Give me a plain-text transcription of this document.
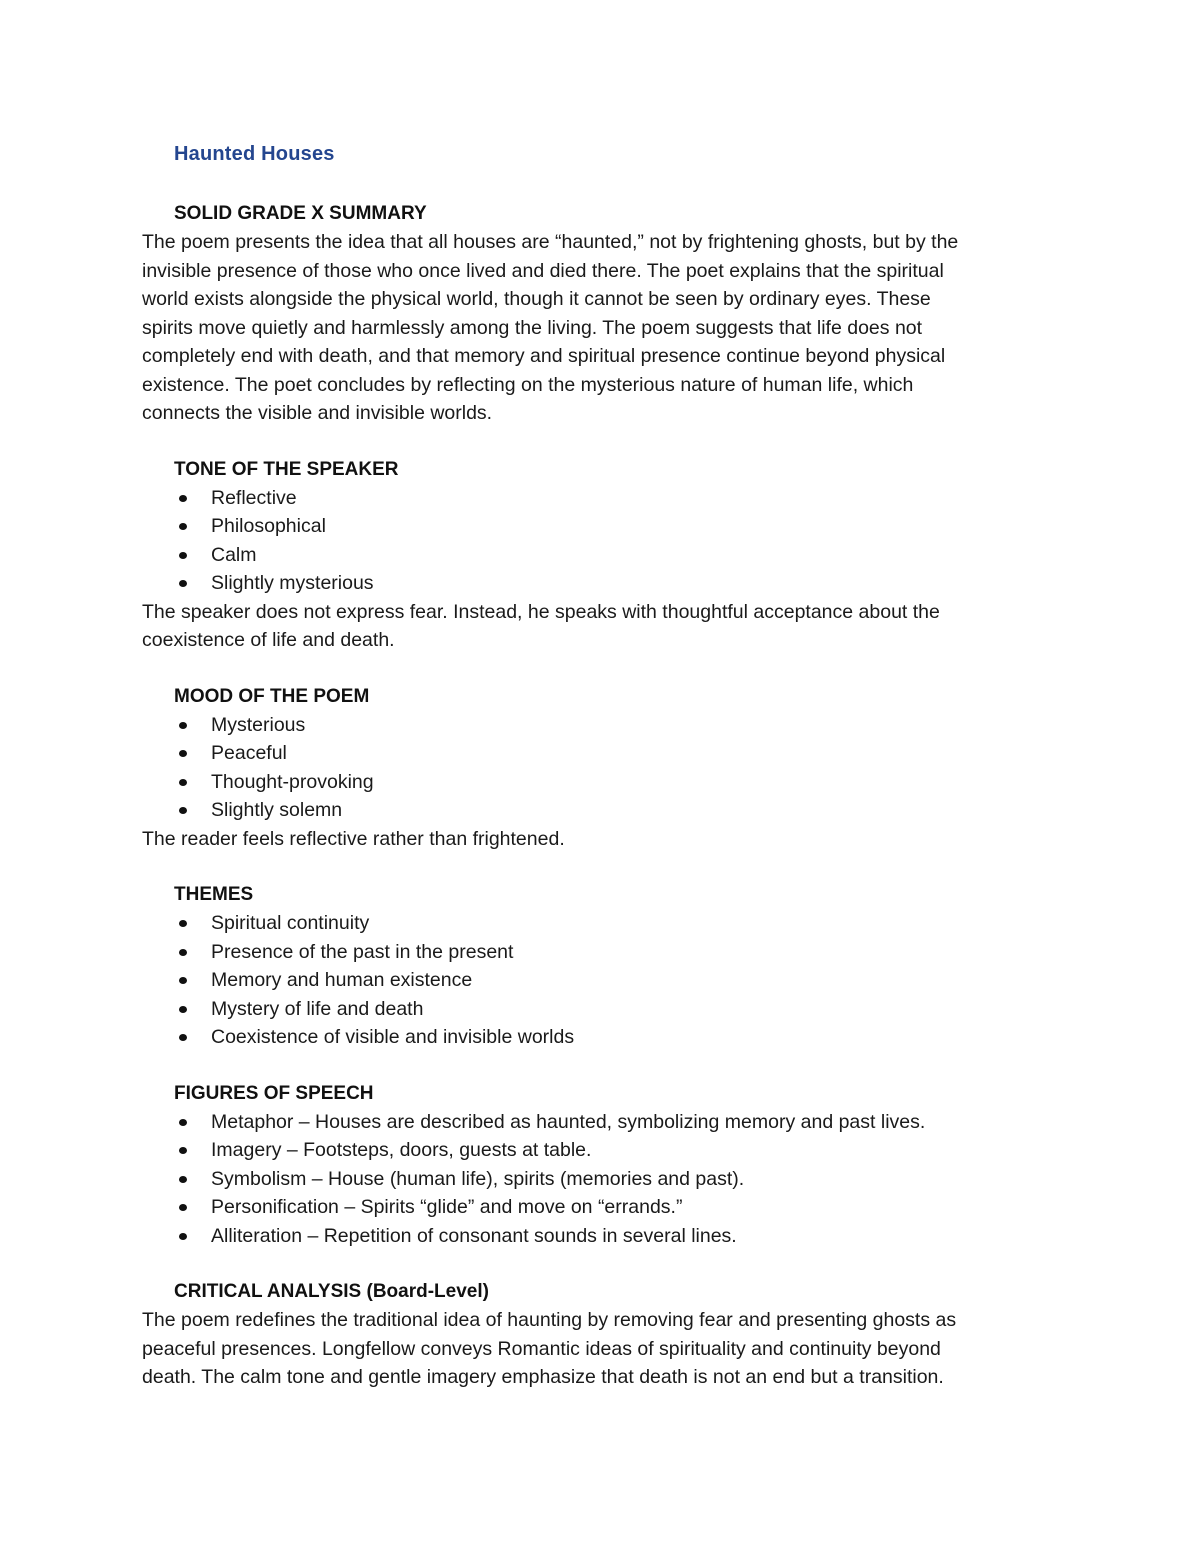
Haunted Houses
SOLID GRADE X SUMMARY
The poem presents the idea that all houses are “haunted,” not by frightening ghosts, but by the
invisible presence of those who once lived and died there. The poet explains that the spiritual
world exists alongside the physical world, though it cannot be seen by ordinary eyes. These
spirits move quietly and harmlessly among the living. The poem suggests that life does not
completely end with death, and that memory and spiritual presence continue beyond physical
existence. The poet concludes by reflecting on the mysterious nature of human life, which
connects the visible and invisible worlds.
TONE OF THE SPEAKER
Reflective
Philosophical
Calm
Slightly mysterious
The speaker does not express fear. Instead, he speaks with thoughtful acceptance about the
coexistence of life and death.
MOOD OF THE POEM
Mysterious
Peaceful
Thought-provoking
Slightly solemn
The reader feels reflective rather than frightened.
THEMES
Spiritual continuity
Presence of the past in the present
Memory and human existence
Mystery of life and death
Coexistence of visible and invisible worlds
FIGURES OF SPEECH
Metaphor – Houses are described as haunted, symbolizing memory and past lives.
Imagery – Footsteps, doors, guests at table.
Symbolism – House (human life), spirits (memories and past).
Personification – Spirits “glide” and move on “errands.”
Alliteration – Repetition of consonant sounds in several lines.
CRITICAL ANALYSIS (Board-Level)
The poem redefines the traditional idea of haunting by removing fear and presenting ghosts as
peaceful presences. Longfellow conveys Romantic ideas of spirituality and continuity beyond
death. The calm tone and gentle imagery emphasize that death is not an end but a transition.
